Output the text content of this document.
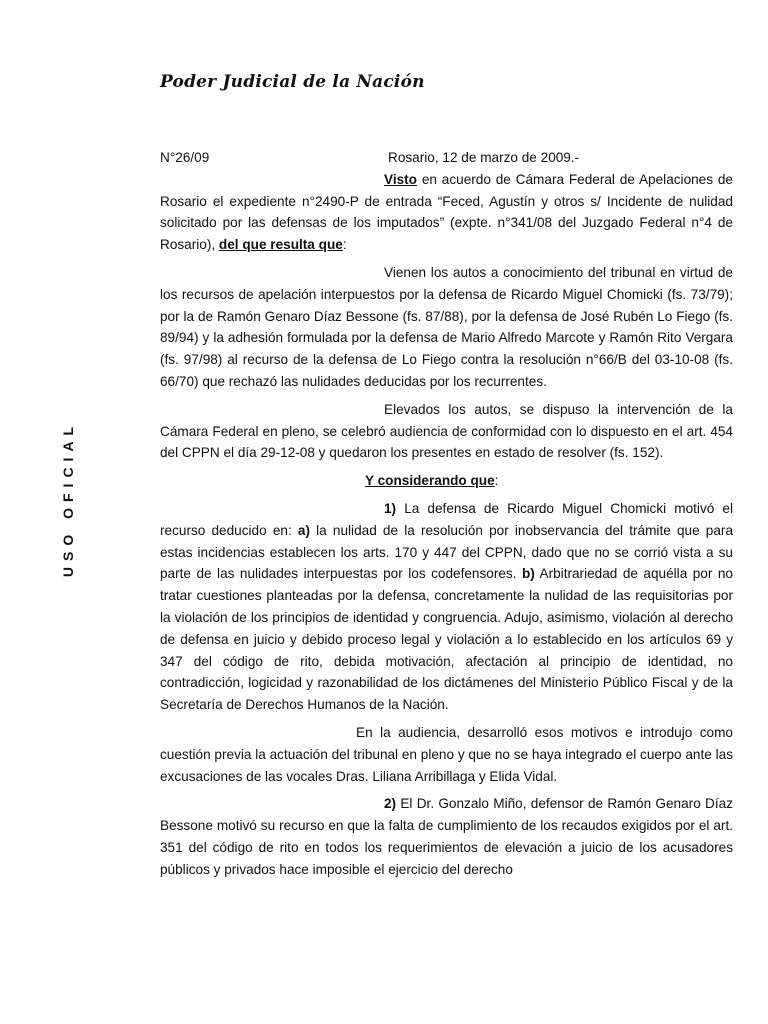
Poder Judicial de la Nación
USO OFICIAL
N°26/09	Rosario, 12 de marzo de 2009.-

Visto en acuerdo de Cámara Federal de Apelaciones de Rosario el expediente n°2490-P de entrada “Feced, Agustín y otros s/ Incidente de nulidad solicitado por las defensas de los imputados” (expte. n°341/08 del Juzgado Federal n°4 de Rosario), del que resulta que:

Vienen los autos a conocimiento del tribunal en virtud de los recursos de apelación interpuestos por la defensa de Ricardo Miguel Chomicki (fs. 73/79); por la de Ramón Genaro Díaz Bessone (fs. 87/88), por la defensa de José Rubén Lo Fiego (fs. 89/94) y la adhesión formulada por la defensa de Mario Alfredo Marcote y Ramón Rito Vergara (fs. 97/98) al recurso de la defensa de Lo Fiego contra la resolución n°66/B del 03-10-08 (fs. 66/70) que rechazó las nulidades deducidas por los recurrentes.

Elevados los autos, se dispuso la intervención de la Cámara Federal en pleno, se celebró audiencia de conformidad con lo dispuesto en el art. 454 del CPPN el día 29-12-08 y quedaron los presentes en estado de resolver (fs. 152).

Y considerando que:

1) La defensa de Ricardo Miguel Chomicki motivó el recurso deducido en: a) la nulidad de la resolución por inobservancia del trámite que para estas incidencias establecen los arts. 170 y 447 del CPPN, dado que no se corrió vista a su parte de las nulidades interpuestas por los codefensores. b) Arbitrariedad de aquélla por no tratar cuestiones planteadas por la defensa, concretamente la nulidad de las requisitorias por la violación de los principios de identidad y congruencia. Adujo, asimismo, violación al derecho de defensa en juicio y debido proceso legal y violación a lo establecido en los artículos 69 y 347 del código de rito, debida motivación, afectación al principio de identidad, no contradicción, logicidad y razonabilidad de los dictámenes del Ministerio Público Fiscal y de la Secretaría de Derechos Humanos de la Nación.

En la audiencia, desarrolló esos motivos e introdujo como cuestión previa la actuación del tribunal en pleno y que no se haya integrado el cuerpo ante las excusaciones de las vocales Dras. Liliana Arribillaga y Elida Vidal.

2) El Dr. Gonzalo Miño, defensor de Ramón Genaro Díaz Bessone motivó su recurso en que la falta de cumplimiento de los recaudos exigidos por el art. 351 del código de rito en todos los requerimientos de elevación a juicio de los acusadores públicos y privados hace imposible el ejercicio del derecho
